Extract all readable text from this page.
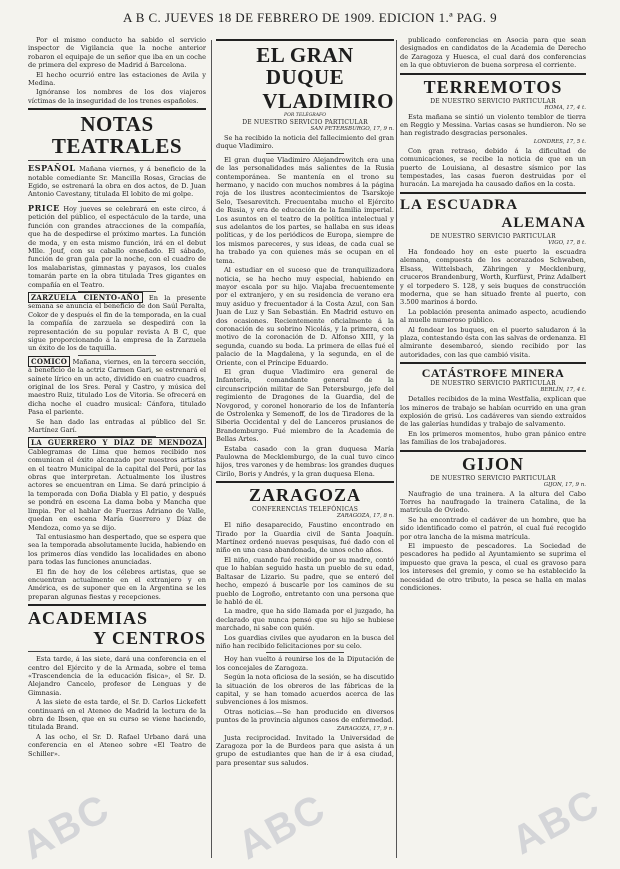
A B C. JUEVES 18 DE FEBRERO DE 1909. EDICION 1.ª PAG. 9

Por el mismo conducto ha sabido el servicio inspector de Vigilancia que la noche anterior robaron el equipaje de un señor que iba en un coche de primera del expreso de Madrid á Barcelona.

El hecho ocurrió entre las estaciones de Avila y Medina.

Ignóranse los nombres de los dos viajeros víctimas de la inseguridad de los trenes españoles.

NOTAS TEATRALES

ESPAÑOL Mañana viernes, y á beneficio de la notable comediante Sr. Mancilla Rosas, Gracias de Egido, se estrenará la obra en dos actos, de D. Juan Antonio Cavestany, titulada El lobito de mi golpe.

PRICE Hoy jueves se celebrará en este circo, á petición del público, el espectáculo de la tarde, una función con grandes atracciones de la compañía, que ha de despedirse el próximo martes. La función de moda, y en esta mismo función, irá en el debut Mlle. Jouf, con su caballo enseñado. El sábado, función de gran gala por la noche, con el cuadro de los malabaristas, gimnastas y payasos, los cuales tomarán parte en la obra titulada Tres gigantes en compañía en el Teatro.

ZARZUELA CIENTO-AÑO En la presente semana se anuncia el beneficio de don Saúl Peralta, Cokor de y después el fin de la temporada, en la cual la compañía de zarzuela se despedirá con la representación de su popular revista A B C, que sigue proporcionando á la empresa de la Zarzuela un éxito de los de taquilla.

COMICO Mañana, viernes, en la tercera sección, á beneficio de la actriz Carmen Gari, se estrenará el sainete lírico en un acto, dividido en cuatro cuadros, original de los Sres. Peral y Castro, y música del maestro Ruiz, titulado Los de Vitoria. Se ofrecerá en dicha noche el cuadro musical: Cánfora, titulado Pasa el pariente.

Se han dado las entradas al público del Sr. Martínez Garí.

LA GUERRERO Y DÍAZ DE MENDOZA Cablegramas de Lima que hemos recibido nos comunican el éxito alcanzado por nuestros artistas en el teatro Municipal de la capital del Perú, por las obras que interpretan. Actualmente los ilustres actores se encuentran en Lima. Se dará principio á la temporada con Doña Diabla y El patio, y después se pondrá en escena La dama boba y Mancha que limpia. Por el hablar de Fuerzas Adriano de Valle, quedan en escena María Guerrero y Díaz de Mendoza, como ya se dijo.

Tal entusiasmo han despertado, que se espera que sea la temporada absolutamente lucida, habiendo en los primeros días vendido las localidades en abono para todas las funciones anunciadas.

El fin de hoy de los célebres artistas, que se encuentran actualmente en el extranjero y en América, es de suponer que en la Argentina se les preparan algunas fiestas y recepciones.

ACADEMIAS
Y CENTROS

Esta tarde, á las siete, dará una conferencia en el centro del Ejército y de la Armada, sobre el tema «Trascendencia de la educación física», el Sr. D. Alejandro Cancelo, profesor de Lenguas y de Gimnasia.

A las siete de esta tarde, el Sr. D. Carlos Lickefett continuará en el Ateneo de Madrid la lectura de la obra de Ibsen, que en su curso se viene haciendo, titulada Brand.

A las ocho, el Sr. D. Rafael Urbano dará una conferencia en el Ateneo sobre «El Teatro de Schiller».

EL GRAN DUQUE
VLADIMIRO
POR TELÉGRAFO
DE NUESTRO SERVICIO PARTICULAR
SAN PETERSBURGO, 17, 9 n.

Se ha recibido la noticia del fallecimiento del gran duque Vladimiro.

El gran duque Vladimiro Alejandrowitch era una de las personalidades más salientes de la Rusia contemporánea. Se mantenía en el trono su hermano, y nacido con muchos nombres á la página roja de los ilustres acontecimientos de Tsarskoje Selo, Tsesarevitch. Frecuentaba mucho el Ejército de Rusia, y era de educación de la familia imperial. Los asuntos en el teatro de la política intelectual y sus adelantos de los partes, se hallaba en sus ideas políticas, y de los periódicos de Europa, siempre de los mismos pareceres, y sus ideas, de cada cual se ha trabado ya con quienes más se ocupan en el tema.

Al estudiar en el suceso que de tranquilizadora noticia, se ha hecho muy especial, habiendo en mayor escala por su hijo. Viajaba frecuentemente por el extranjero, y en su residencia de verano era muy asiduo y frecuentador á la Costa Azul, con San Juan de Luz y San Sebastián. En Madrid estuvo en dos ocasiones. Recientemente oficialmente á la coronación de su sobrino Nicolás, y la primera, con motivo de la coronación de D. Alfonso XIII, y la segunda, cuando su boda. La primera de ellas fué el palacio de la Magdalena, y la segunda, en el de Oriente, con el Príncipe Eduardo.

El gran duque Vladimiro era general de Infantería, comandante general de la circunscripción militar de San Petersburgo, jefe del regimiento de Dragones de la Guardia, del de Novgorod, y coronel honorario de los de Infantería de Ostrolenka y Semenoff, de los de Tiradores de la Siberia Occidental y del de Lanceros prusianos de Brandemburgo. Fué miembro de la Academia de Bellas Artes.

Estaba casado con la gran duquesa María Paulowna de Mecklemburgo, de la cual tuvo cinco hijos, tres varones y de hembras: los grandes duques Cirilo, Boris y Andrés, y la gran duquesa Elena.

ZARAGOZA
CONFERENCIAS TELEFÓNICAS
ZARAGOZA, 17, 8 n.

El niño desaparecido, Faustino encontrado en Tirado por la Guardia civil de Santa Joaquín. Martínez ordenó nuevas pesquisas, fué dado con el niño en una casa abandonada, de unos ocho años.

El niño, cuando fué recibido por su madre, contó que lo habían seguido hasta un pueblo de su edad, Baltasar de Lizario. Su padre, que se enteró del hecho, empezó á buscarle por los caminos de su pueblo de Logroño, entretanto con una persona que le habló de él.

La madre, que ha sido llamada por el juzgado, ha declarado que nunca pensó que su hijo se hubiese marchado, ni sabe con quién.

Los guardias civiles que ayudaron en la busca del niño han recibido felicitaciones por su celo.

Hoy han vuelto á reunirse los de la Diputación de los concejales de Zaragoza.

Según la nota oficiosa de la sesión, se ha discutido la situación de los obreros de las fábricas de la capital, y se han tomado acuerdos acerca de las subvenciones á los mismos.

Otras noticias.—Se han producido en diversos puntos de la provincia algunos casos de enfermedad.

ZARAGOZA, 17, 9 n.

Justa reciprocidad. Invitado la Universidad de Zaragoza por la de Burdeos para que asista á un grupo de estudiantes que han de ir á esa ciudad, para presentar sus saludos.

publicado conferencias en Asocia para que sean designados en candidatos de la Academia de Derecho de Zaragoza y Huesca, el cual dará dos conferencias en la que obtuvieron de buena sorpresa el corriente.

TERREMOTOS
DE NUESTRO SERVICIO PARTICULAR
ROMA, 17, 4 t.

Esta mañana se sintió un violento temblor de tierra en Reggio y Messina. Varias casas se hundieron. No se han registrado desgracias personales.

LONDRES, 17, 5 t.

Con gran retraso, debido á la dificultad de comunicaciones, se recibe la noticia de que en un puerto de Louisiana, al desastre sísmico por las tempestades, las casas fueron destruidas por el huracán. La marejada ha causado daños en la costa.

LA ESCUADRA
ALEMANA
DE NUESTRO SERVICIO PARTICULAR
VIGO, 17, 8 t.

Ha fondeado hoy en este puerto la escuadra alemana, compuesta de los acorazados Schwaben, Elsass, Wittelsbach, Zähringen y Mecklenburg, cruceros Brandenburg, Worth, Kurfürst, Prinz Adalbert y el torpedero S. 128, y seis buques de construcción moderna, que se han situado frente al puerto, con 3.500 marinos á bordo.

La población presenta animado aspecto, acudiendo al muelle numeroso público.

Al fondear los buques, en el puerto saludaron á la plaza, contestando ésta con las salvas de ordenanza. El almirante desembarcó, siendo recibido por las autoridades, con las que cambió visita.

CATÁSTROFE MINERA
DE NUESTRO SERVICIO PARTICULAR
BERLÍN, 17, 4 t.

Detalles recibidos de la mina Westfalia, explican que los mineros de trabajo se habían ocurrido en una gran explosión de grisú. Los cadáveres van siendo extraídos de las galerías hundidas y trabajo de salvamento.

En los primeros momentos, hubo gran pánico entre las familias de los trabajadores.

GIJON
DE NUESTRO SERVICIO PARTICULAR
GIJON, 17, 9 n.

Naufragio de una trainera. A la altura del Cabo Torres ha naufragado la trainera Catalina, de la matrícula de Oviedo.

Se ha encontrado el cadáver de un hombre, que ha sido identificado como el patrón, el cual fué recogido por otra lancha de la misma matrícula.

El impuesto de pescadores. La Sociedad de pescadores ha pedido al Ayuntamiento se suprima el impuesto que grava la pesca, el cual es gravoso para los intereses del gremio, y como se ha establecido la necesidad de otro tributo, la pesca se halla en malas condiciones.

ABC	ABC	ABC
